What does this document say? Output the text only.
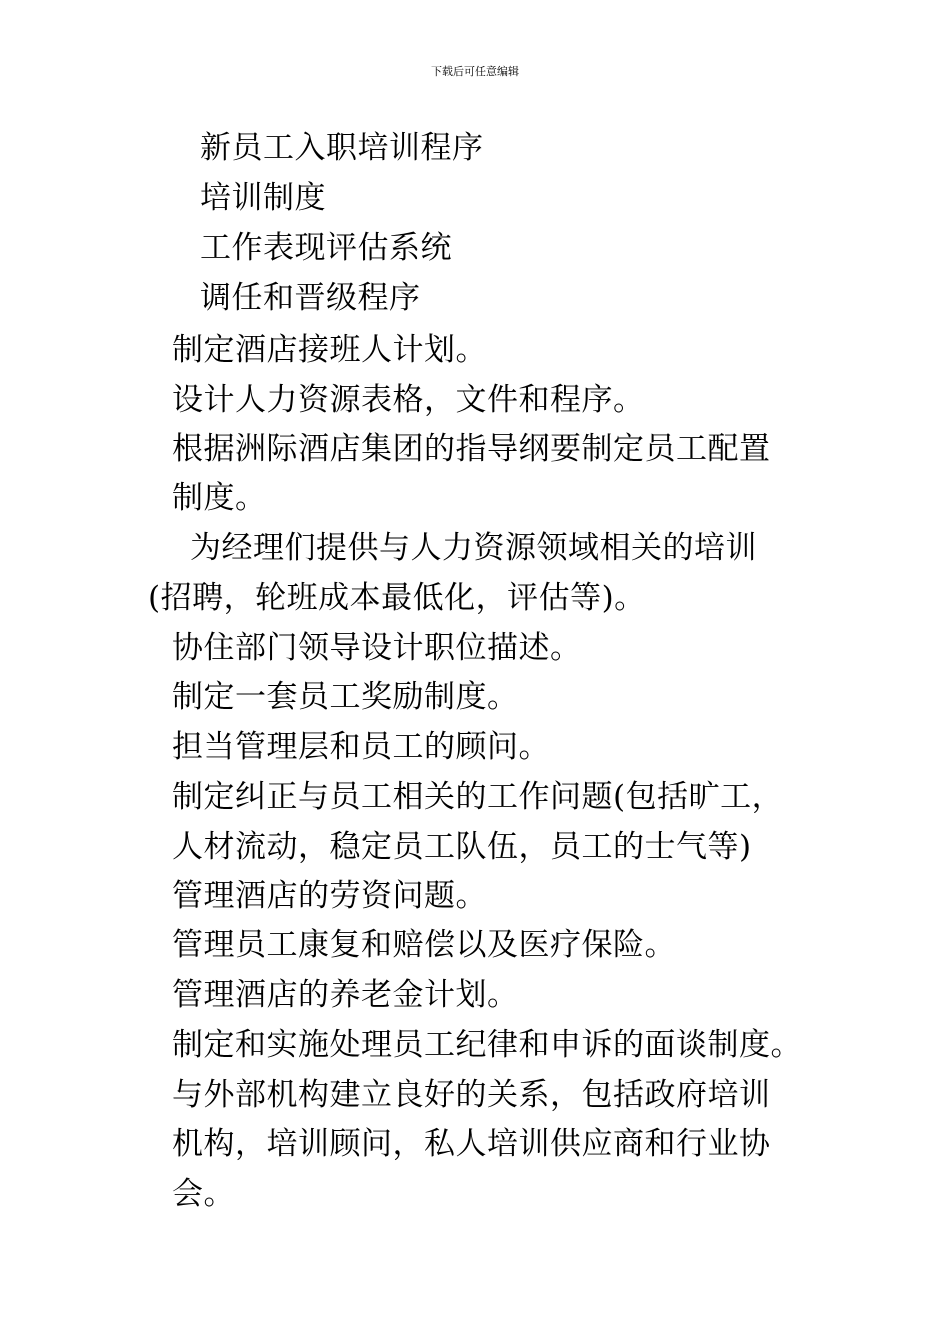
下载后可任意编辑
新员工入职培训程序
培训制度
工作表现评估系统
调任和晋级程序
制定酒店接班人计划。
设计人力资源表格，文件和程序。
根据洲际酒店集团的指导纲要制定员工配置
制度。
为经理们提供与人力资源领域相关的培训
(招聘，轮班成本最低化，评估等)。
协住部门领导设计职位描述。
制定一套员工奖励制度。
担当管理层和员工的顾问。
制定纠正与员工相关的工作问题(包括旷工，
人材流动，稳定员工队伍，员工的士气等)
管理酒店的劳资问题。
管理员工康复和赔偿以及医疗保险。
管理酒店的养老金计划。
制定和实施处理员工纪律和申诉的面谈制度。
与外部机构建立良好的关系，包括政府培训
机构，培训顾问，私人培训供应商和行业协
会。
